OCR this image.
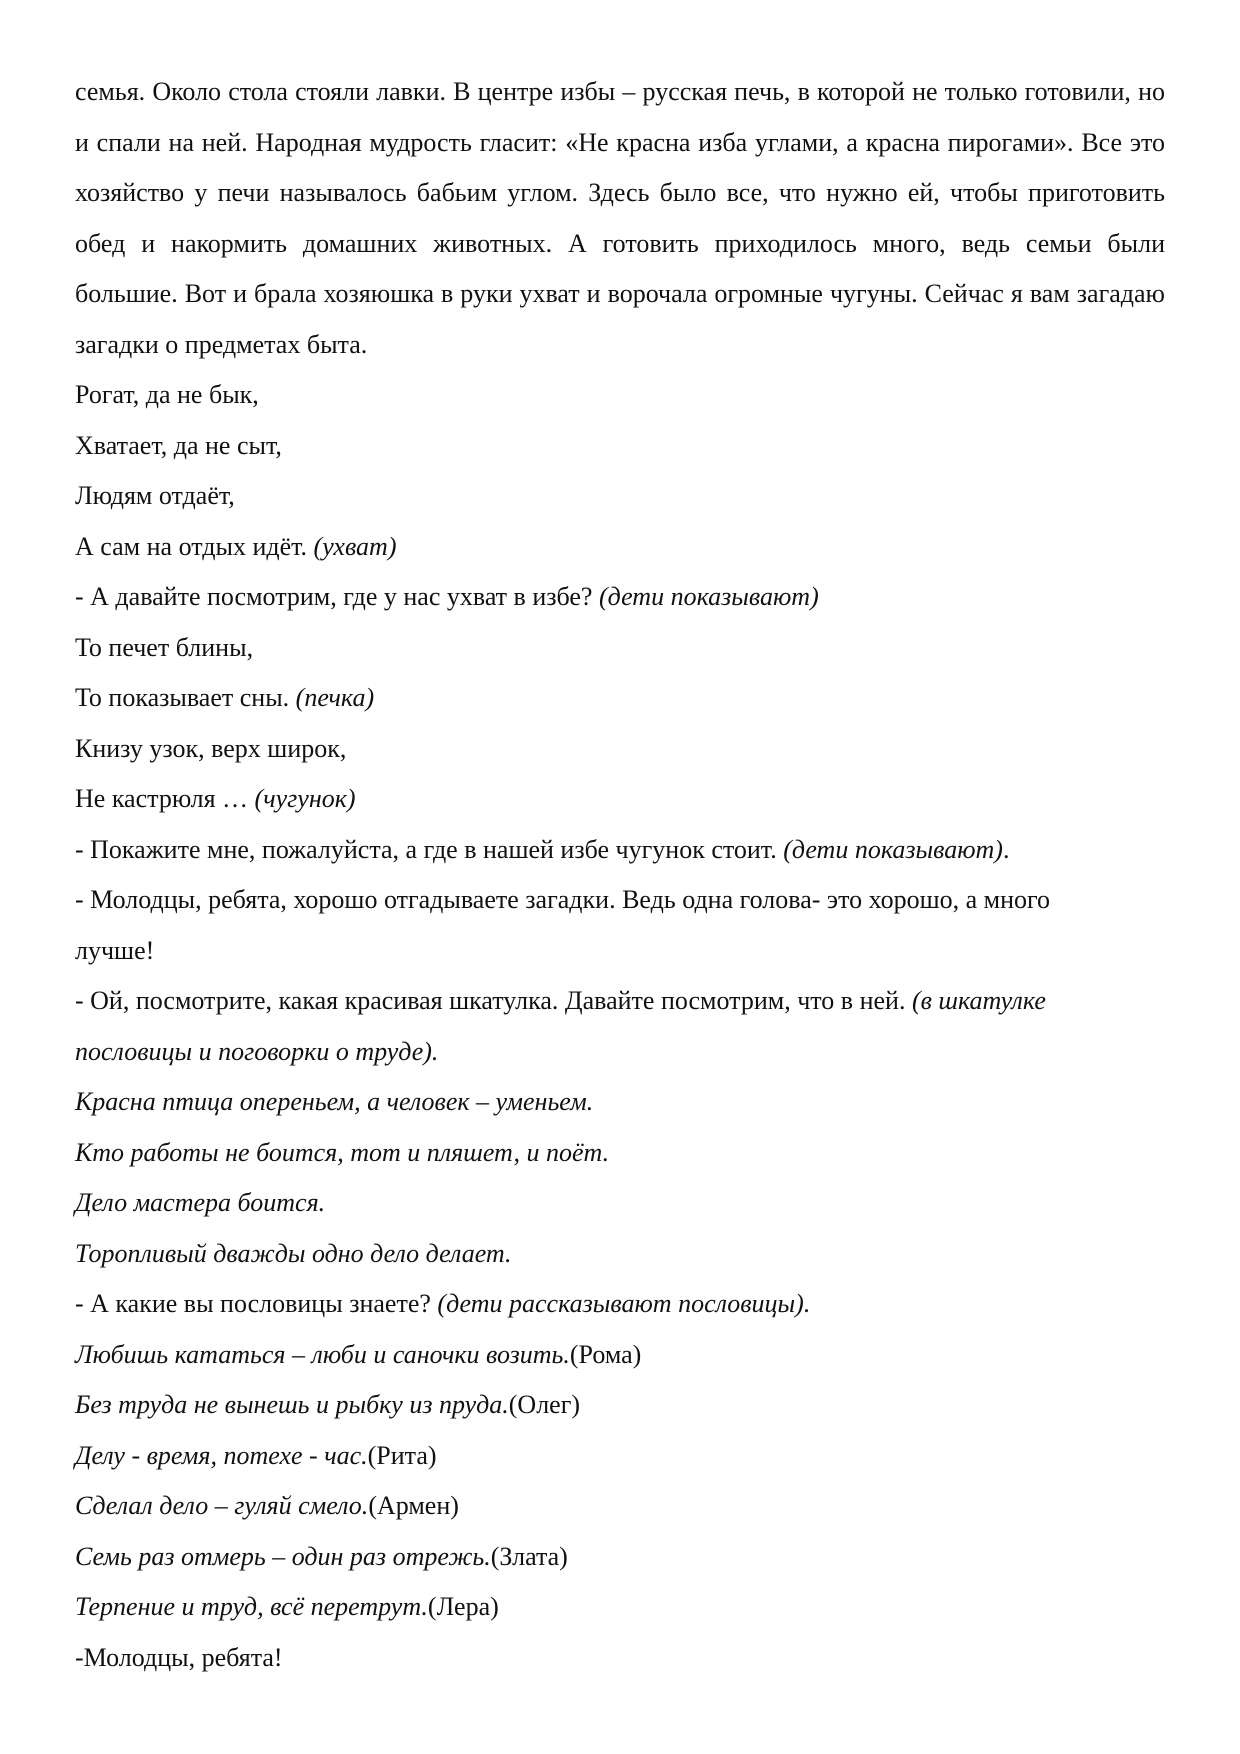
семья. Около стола стояли лавки. В центре избы – русская печь, в которой не только готовили, но и спали на ней. Народная мудрость гласит: «Не красна изба углами, а красна пирогами». Все это хозяйство у печи называлось бабьим углом. Здесь было все, что нужно ей, чтобы приготовить обед и накормить домашних животных. А готовить приходилось много, ведь семьи были большие. Вот и брала хозяюшка в руки ухват и ворочала огромные чугуны. Сейчас я вам загадаю загадки о предметах быта.

Рогат, да не бык,

Хватает, да не сыт,

Людям отдаёт,

А сам на отдых идёт. (ухват)

- А давайте посмотрим, где у нас ухват в избе? (дети показывают)

То печет блины,

То показывает сны. (печка)

Книзу узок, верх широк,

Не кастрюля … (чугунок)

- Покажите мне, пожалуйста, а где в нашей избе чугунок стоит. (дети показывают).

- Молодцы, ребята, хорошо отгадываете загадки. Ведь одна голова- это хорошо, а много лучше!

- Ой, посмотрите, какая красивая шкатулка. Давайте посмотрим, что в ней. (в шкатулке пословицы и поговорки о труде).

Красна птица опереньем, а человек – уменьем.

Кто работы не боится, тот и пляшет, и поёт.

Дело мастера боится.

Торопливый дважды одно дело делает.

- А какие вы пословицы знаете? (дети рассказывают пословицы).

Любишь кататься – люби и саночки возить.(Рома)

Без труда не вынешь и рыбку из пруда.(Олег)

Делу - время, потехе - час.(Рита)

Сделал дело – гуляй смело.(Армен)

Семь раз отмерь – один раз отрежь.(Злата)

Терпение и труд, всё перетрут.(Лера)

-Молодцы, ребята!
